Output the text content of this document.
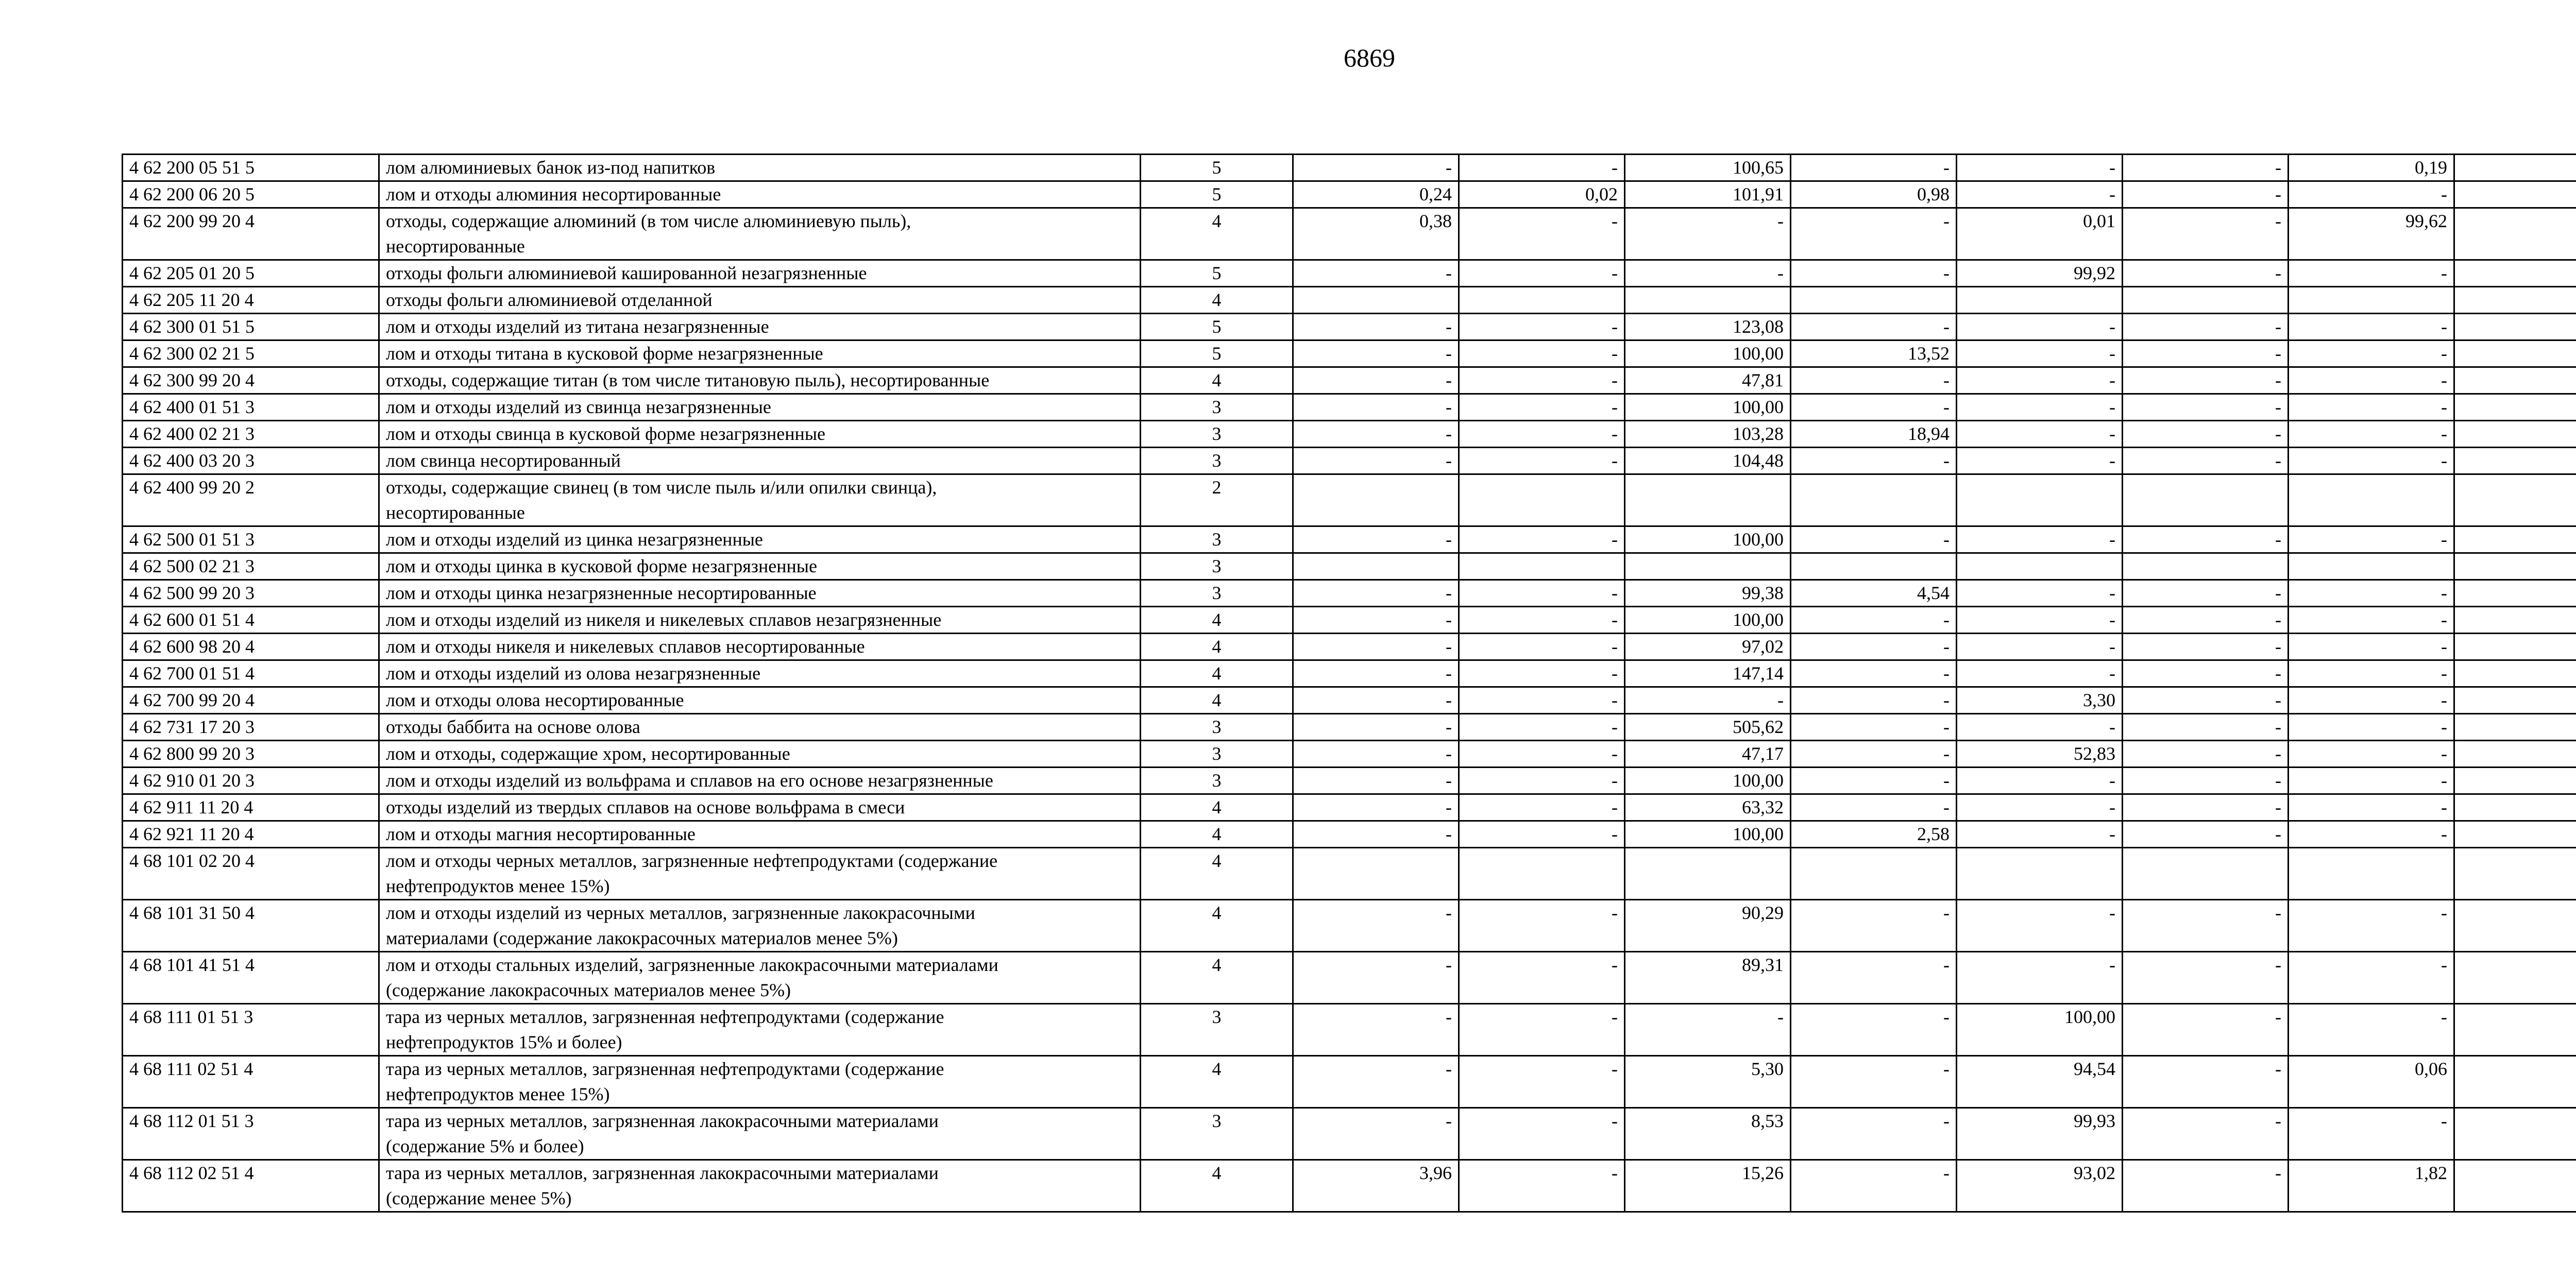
6869
4 62 200 05 51 5	лом алюминиевых банок из-под напитков	5	-	-	100,65	-	-	-	0,19	
4 62 200 06 20 5	лом и отходы алюминия несортированные	5	0,24	0,02	101,91	0,98	-	-	-	
4 62 200 99 20 4	отходы, содержащие алюминий (в том числе алюминиевую пыль),
несортированные	4	0,38	-	-	-	0,01	-	99,62	
4 62 205 01 20 5	отходы фольги алюминиевой кашированной незагрязненные	5	-	-	-	-	99,92	-	-	
4 62 205 11 20 4	отходы фольги алюминиевой отделанной	4								
4 62 300 01 51 5	лом и отходы изделий из титана незагрязненные	5	-	-	123,08	-	-	-	-	
4 62 300 02 21 5	лом и отходы титана в кусковой форме незагрязненные	5	-	-	100,00	13,52	-	-	-	
4 62 300 99 20 4	отходы, содержащие титан (в том числе титановую пыль), несортированные	4	-	-	47,81	-	-	-	-	
4 62 400 01 51 3	лом и отходы изделий из свинца незагрязненные	3	-	-	100,00	-	-	-	-	
4 62 400 02 21 3	лом и отходы свинца в кусковой форме незагрязненные	3	-	-	103,28	18,94	-	-	-	
4 62 400 03 20 3	лом свинца несортированный	3	-	-	104,48	-	-	-	-	
4 62 400 99 20 2	отходы, содержащие свинец (в том числе пыль и/или опилки свинца),
несортированные	2								
4 62 500 01 51 3	лом и отходы изделий из цинка незагрязненные	3	-	-	100,00	-	-	-	-	
4 62 500 02 21 3	лом и отходы цинка в кусковой форме незагрязненные	3								
4 62 500 99 20 3	лом и отходы цинка незагрязненные несортированные	3	-	-	99,38	4,54	-	-	-	
4 62 600 01 51 4	лом и отходы изделий из никеля и никелевых сплавов незагрязненные	4	-	-	100,00	-	-	-	-	
4 62 600 98 20 4	лом и отходы никеля и никелевых сплавов несортированные	4	-	-	97,02	-	-	-	-	
4 62 700 01 51 4	лом и отходы изделий из олова незагрязненные	4	-	-	147,14	-	-	-	-	
4 62 700 99 20 4	лом и отходы олова несортированные	4	-	-	-	-	3,30	-	-	
4 62 731 17 20 3	отходы баббита на основе олова	3	-	-	505,62	-	-	-	-	
4 62 800 99 20 3	лом и отходы, содержащие хром, несортированные	3	-	-	47,17	-	52,83	-	-	
4 62 910 01 20 3	лом и отходы изделий из вольфрама и сплавов на его основе незагрязненные	3	-	-	100,00	-	-	-	-	
4 62 911 11 20 4	отходы изделий из твердых сплавов на основе вольфрама в смеси	4	-	-	63,32	-	-	-	-	
4 62 921 11 20 4	лом и отходы магния несортированные	4	-	-	100,00	2,58	-	-	-	
4 68 101 02 20 4	лом и отходы черных металлов, загрязненные нефтепродуктами (содержание
нефтепродуктов менее 15%)	4								
4 68 101 31 50 4	лом и отходы изделий из черных металлов, загрязненные лакокрасочными
материалами (содержание лакокрасочных материалов менее 5%)	4	-	-	90,29	-	-	-	-	
4 68 101 41 51 4	лом и отходы стальных изделий, загрязненные лакокрасочными материалами
(содержание лакокрасочных материалов менее 5%)	4	-	-	89,31	-	-	-	-	
4 68 111 01 51 3	тара из черных металлов, загрязненная нефтепродуктами (содержание
нефтепродуктов 15% и более)	3	-	-	-	-	100,00	-	-	
4 68 111 02 51 4	тара из черных металлов, загрязненная нефтепродуктами (содержание
нефтепродуктов менее 15%)	4	-	-	5,30	-	94,54	-	0,06	
4 68 112 01 51 3	тара из черных металлов, загрязненная лакокрасочными материалами
(содержание 5% и более)	3	-	-	8,53	-	99,93	-	-	
4 68 112 02 51 4	тара из черных металлов, загрязненная лакокрасочными материалами
(содержание менее 5%)	4	3,96	-	15,26	-	93,02	-	1,82	
